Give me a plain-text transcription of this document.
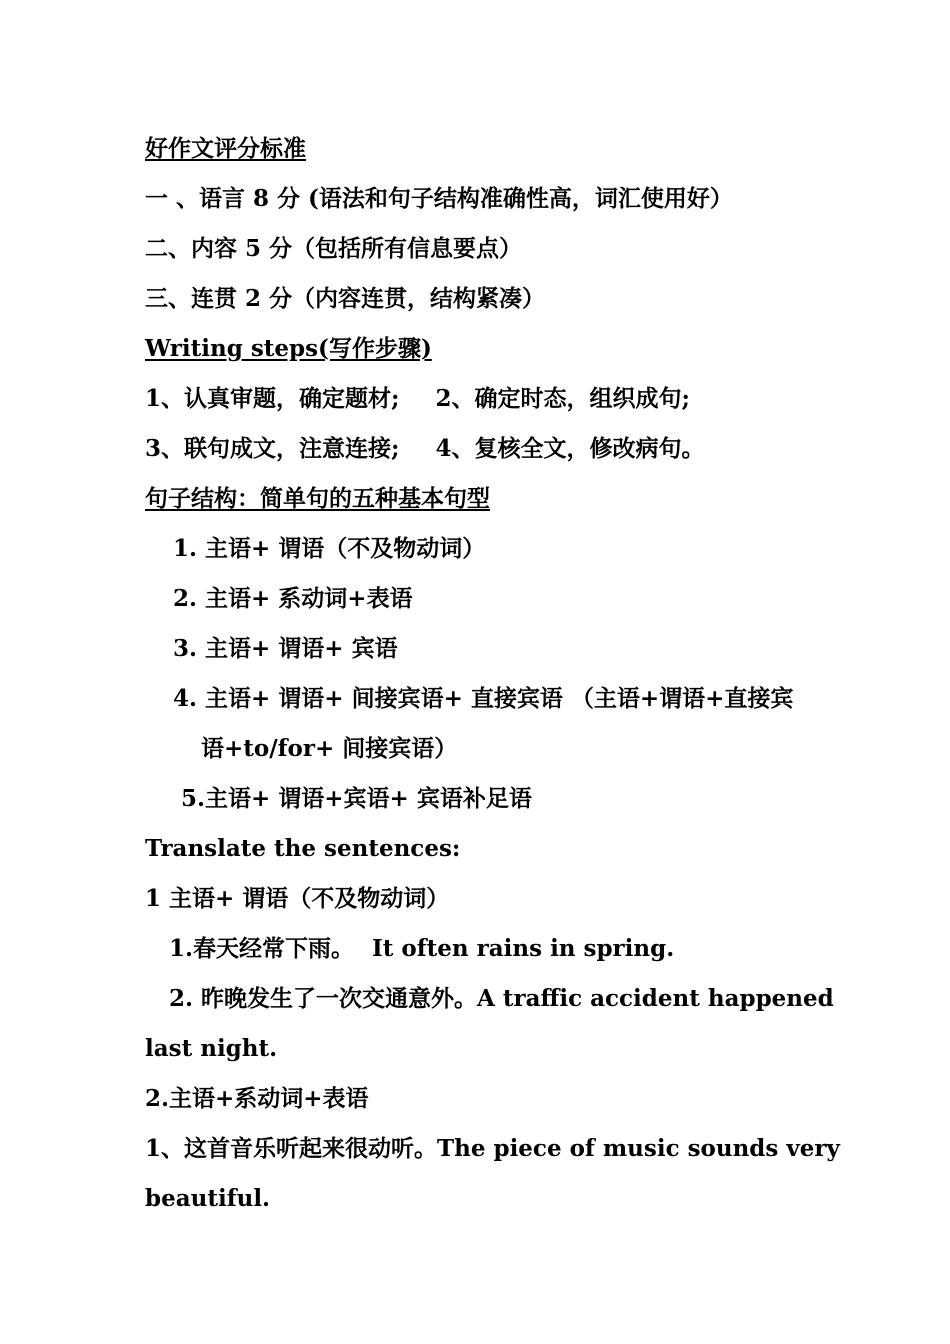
好作文评分标准
一 、语言 8 分 (语法和句子结构准确性高，词汇使用好）
二、内容 5 分（包括所有信息要点）
三、连贯 2 分（内容连贯，结构紧凑）
Writing steps(写作步骤)
1、认真审题，确定题材; 2、确定时态，组织成句;
3、联句成文，注意连接; 4、复核全文，修改病句。
句子结构：简单句的五种基本句型
1. 主语+ 谓语（不及物动词）
2. 主语+ 系动词+表语
3. 主语+ 谓语+ 宾语
4. 主语+ 谓语+ 间接宾语+ 直接宾语 （主语+谓语+直接宾
语+to/for+ 间接宾语）
5.主语+ 谓语+宾语+ 宾语补足语
Translate the sentences:
1 主语+ 谓语（不及物动词）
1.春天经常下雨。 It often rains in spring.
2. 昨晚发生了一次交通意外。A traffic accident happened
last night.
2.主语+系动词+表语
1、这首音乐听起来很动听。The piece of music sounds very
beautiful.
